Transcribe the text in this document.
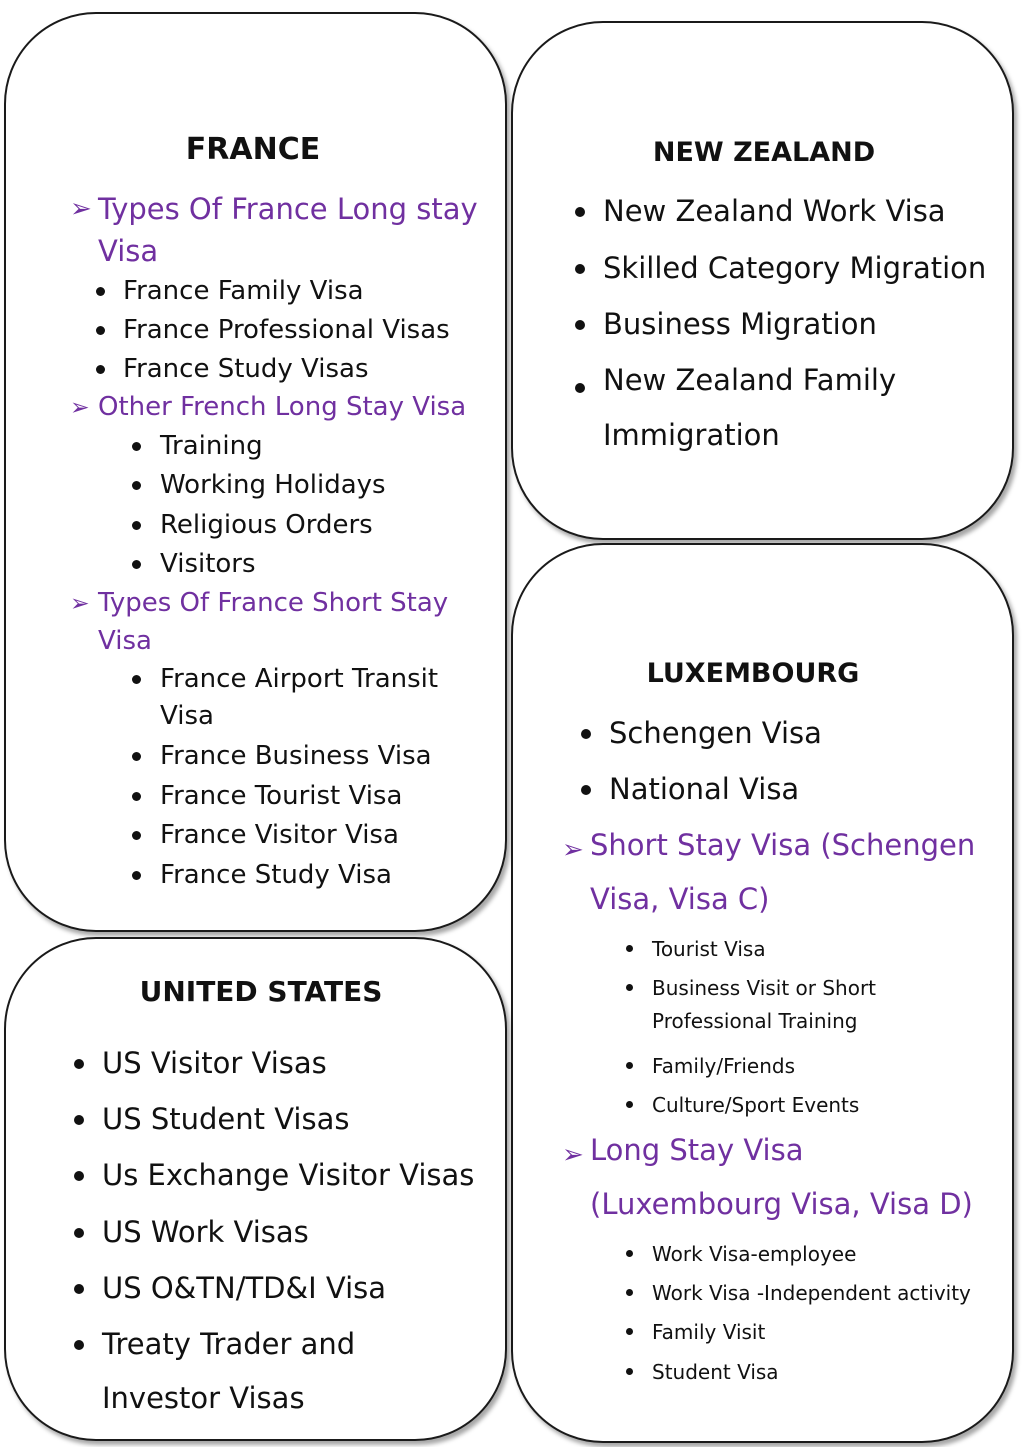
FRANCE
➢ Types Of France Long stay
Visa
France Family Visa
France Professional Visas
France Study Visas
➢ Other French Long Stay Visa
Training
Working Holidays
Religious Orders
Visitors
➢ Types Of France Short Stay
Visa
France Airport Transit
Visa
France Business Visa
France Tourist Visa
France Visitor Visa
France Study Visa
NEW ZEALAND
New Zealand Work Visa
Skilled Category Migration
Business Migration
New Zealand Family
Immigration
LUXEMBOURG
Schengen Visa
National Visa
➢ Short Stay Visa (Schengen
Visa, Visa C)
Tourist Visa
Business Visit or Short
Professional Training
Family/Friends
Culture/Sport Events
➢ Long Stay Visa
(Luxembourg Visa, Visa D)
Work Visa-employee
Work Visa -Independent activity
Family Visit
Student Visa
UNITED STATES
US Visitor Visas
US Student Visas
Us Exchange Visitor Visas
US Work Visas
US O&TN/TD&I Visa
Treaty Trader and
Investor Visas
